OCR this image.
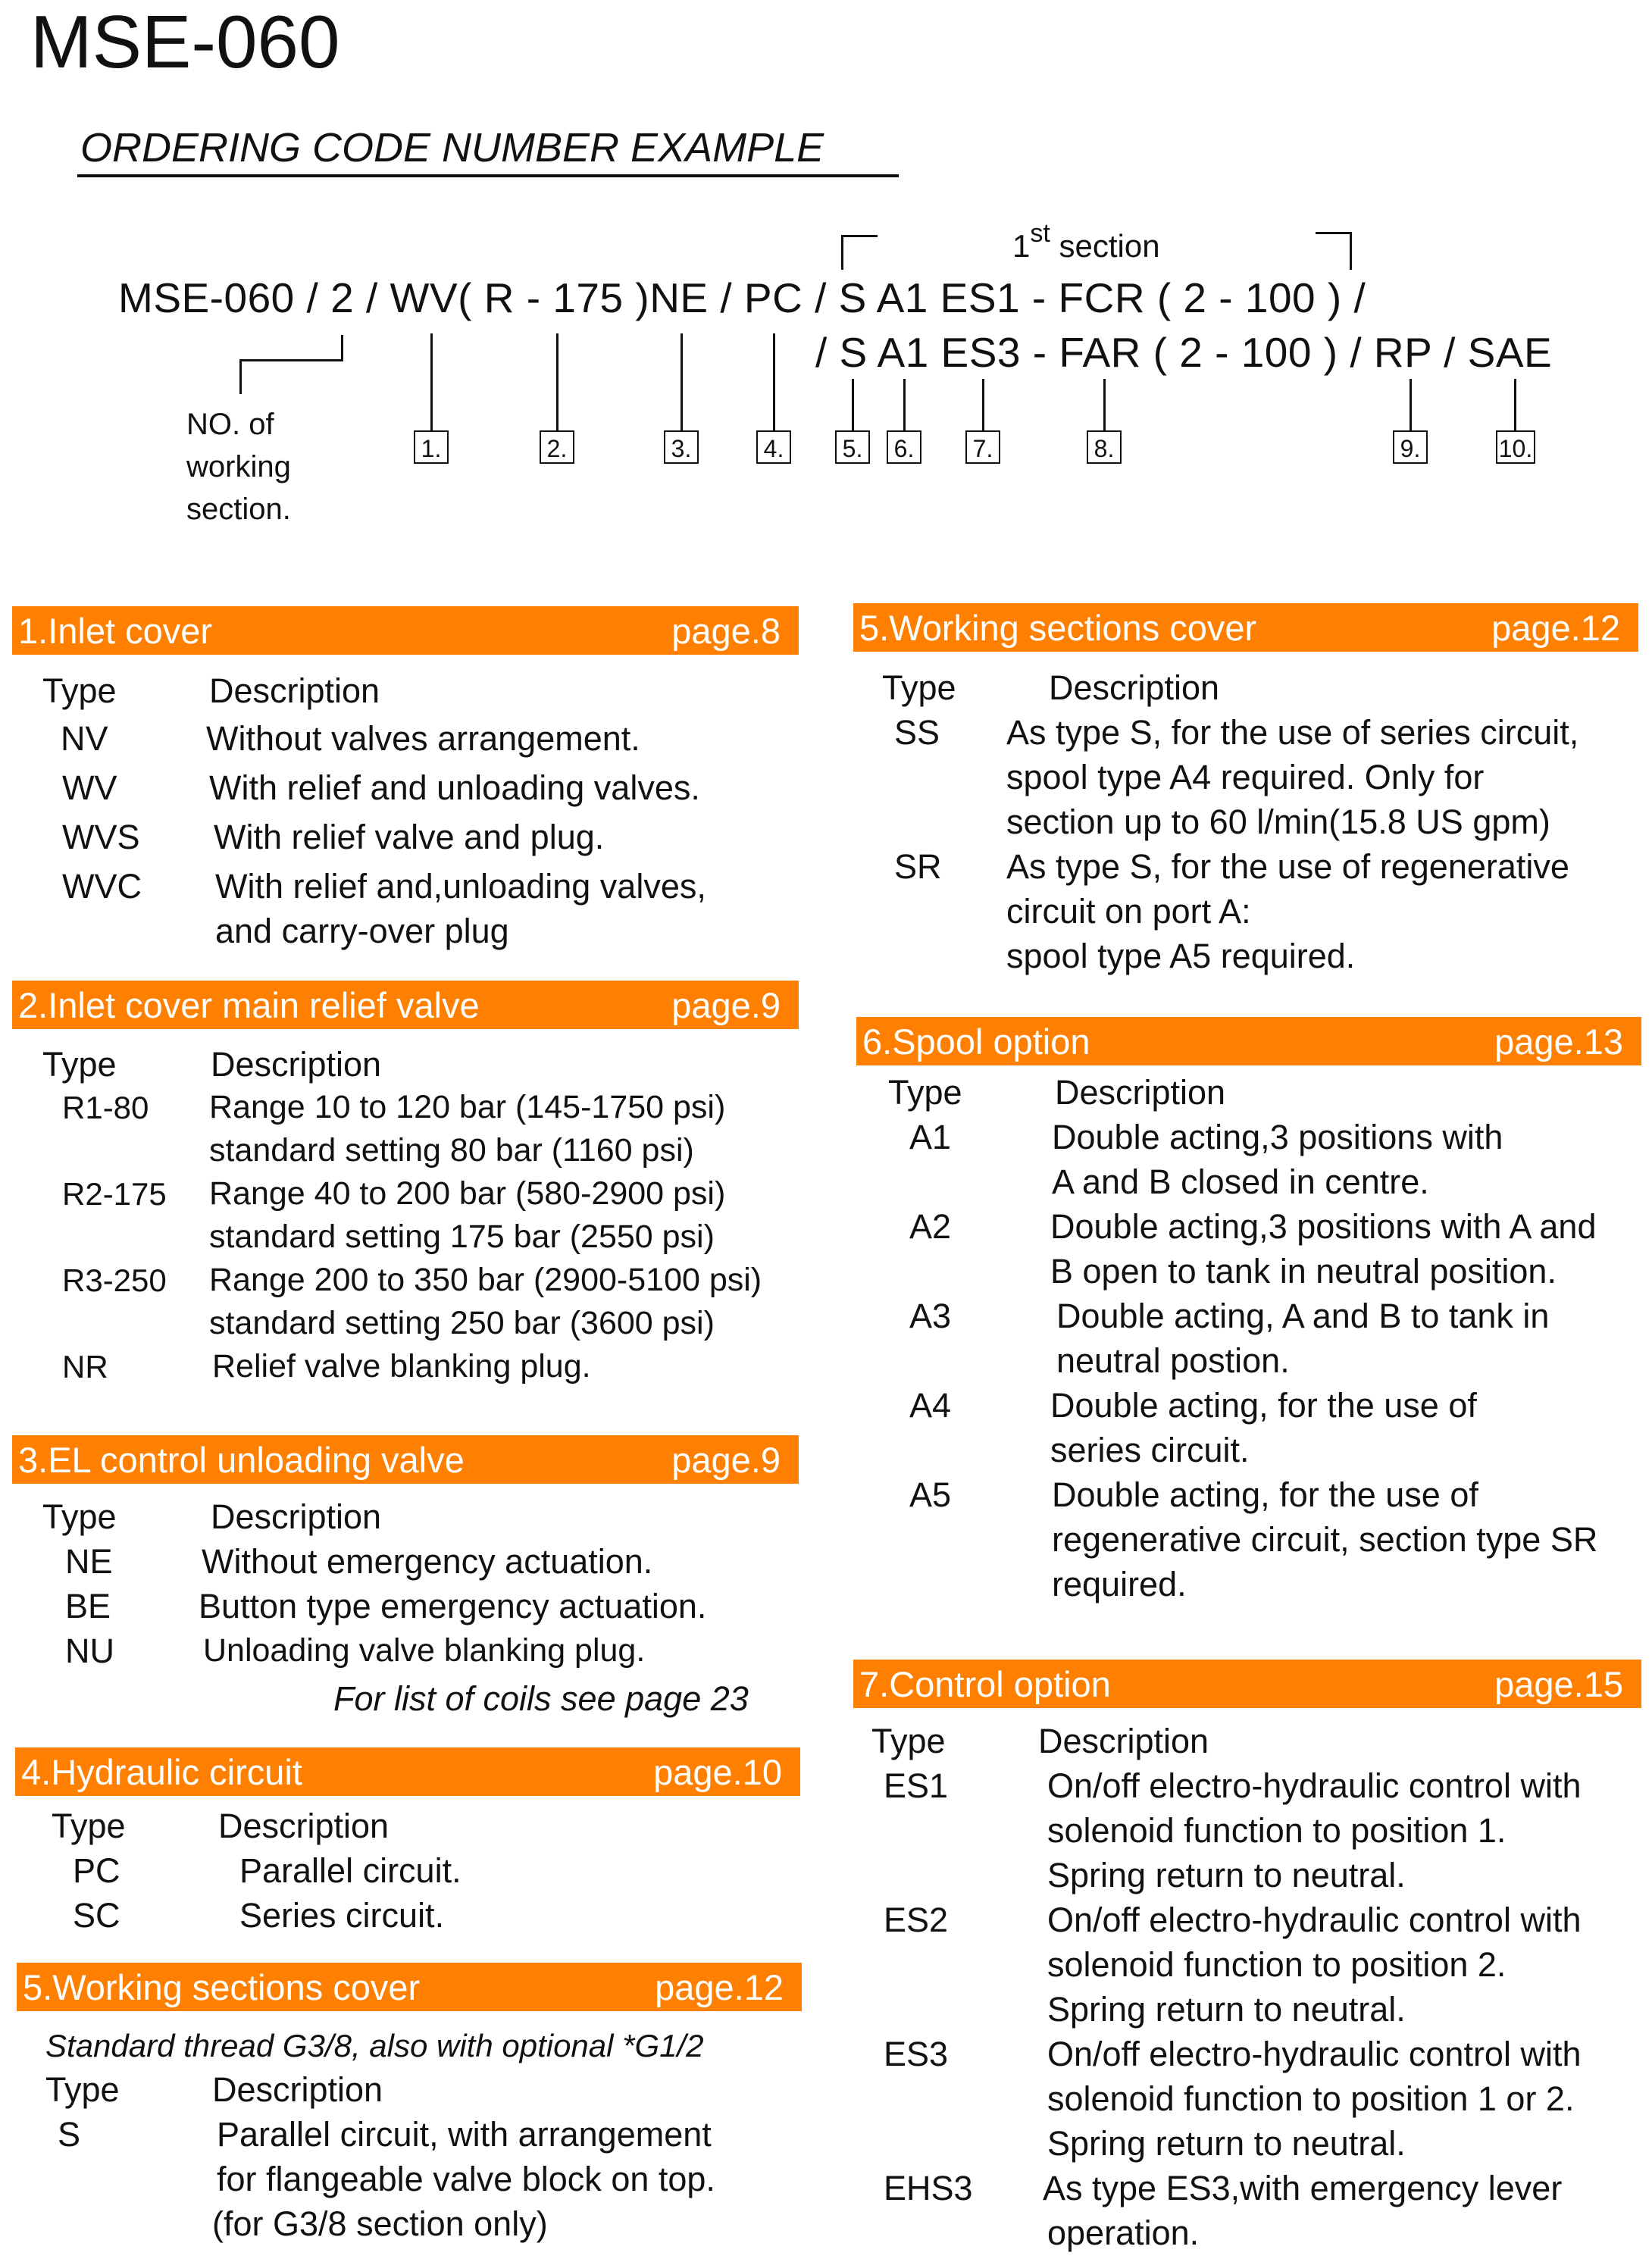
MSE-060
ORDERING CODE NUMBER EXAMPLE
1st section
MSE-060 / 2 / WV( R - 175 )NE / PC / S A1 ES1 - FCR ( 2 - 100 ) /
/ S A1 ES3 - FAR ( 2 - 100 ) / RP / SAE
NO. of working section.
1.	2.	3.	4.	5.	6.	7.	8.	9.	10.
1.Inlet cover	page.8
Type	Description
NV	Without valves arrangement.
WV	With relief and unloading valves.
WVS With relief valve and plug.
WVC With relief and,unloading valves,
and carry-over plug
2.Inlet cover main relief valve	page.9
Type	Description
R1-80 Range 10 to 120 bar (145-1750 psi)
standard setting 80 bar (1160 psi)
R2-175 Range 40 to 200 bar (580-2900 psi)
standard setting 175 bar (2550 psi)
R3-250 Range 200 to 350 bar (2900-5100 psi)
standard setting 250 bar (3600 psi)
NR	Relief valve blanking plug.
3.EL control unloading valve	page.9
Type	Description
NE	Without emergency actuation.
BE	Button type emergency actuation.
NU	Unloading valve blanking plug.
For list of coils see page 23
4.Hydraulic circuit	page.10
Type	Description
PC	Parallel circuit.
SC	Series circuit.
5.Working sections cover	page.12
Standard thread G3/8, also with optional *G1/2
Type	Description
S	Parallel circuit, with arrangement
for flangeable valve block on top.
(for G3/8 section only)
5.Working sections cover	page.12
Type	Description
SS As type S, for the use of series circuit,
spool type A4 required. Only for
section up to 60 l/min(15.8 US gpm)
SR As type S, for the use of regenerative
circuit on port A:
spool type A5 required.
6.Spool option	page.13
Type	Description
A1	Double acting,3 positions with
A and B closed in centre.
A2	Double acting,3 positions with A and
B open to tank in neutral position.
A3	Double acting, A and B to tank in
neutral postion.
A4	Double acting, for the use of
series circuit.
A5	Double acting, for the use of
regenerative circuit, section type SR
required.
7.Control option	page.15
Type	Description
ES1	On/off electro-hydraulic control with
solenoid function to position 1.
Spring return to neutral.
ES2	On/off electro-hydraulic control with
solenoid function to position 2.
Spring return to neutral.
ES3	On/off electro-hydraulic control with
solenoid function to position 1 or 2.
Spring return to neutral.
EHS3 As type ES3,with emergency lever
operation.
